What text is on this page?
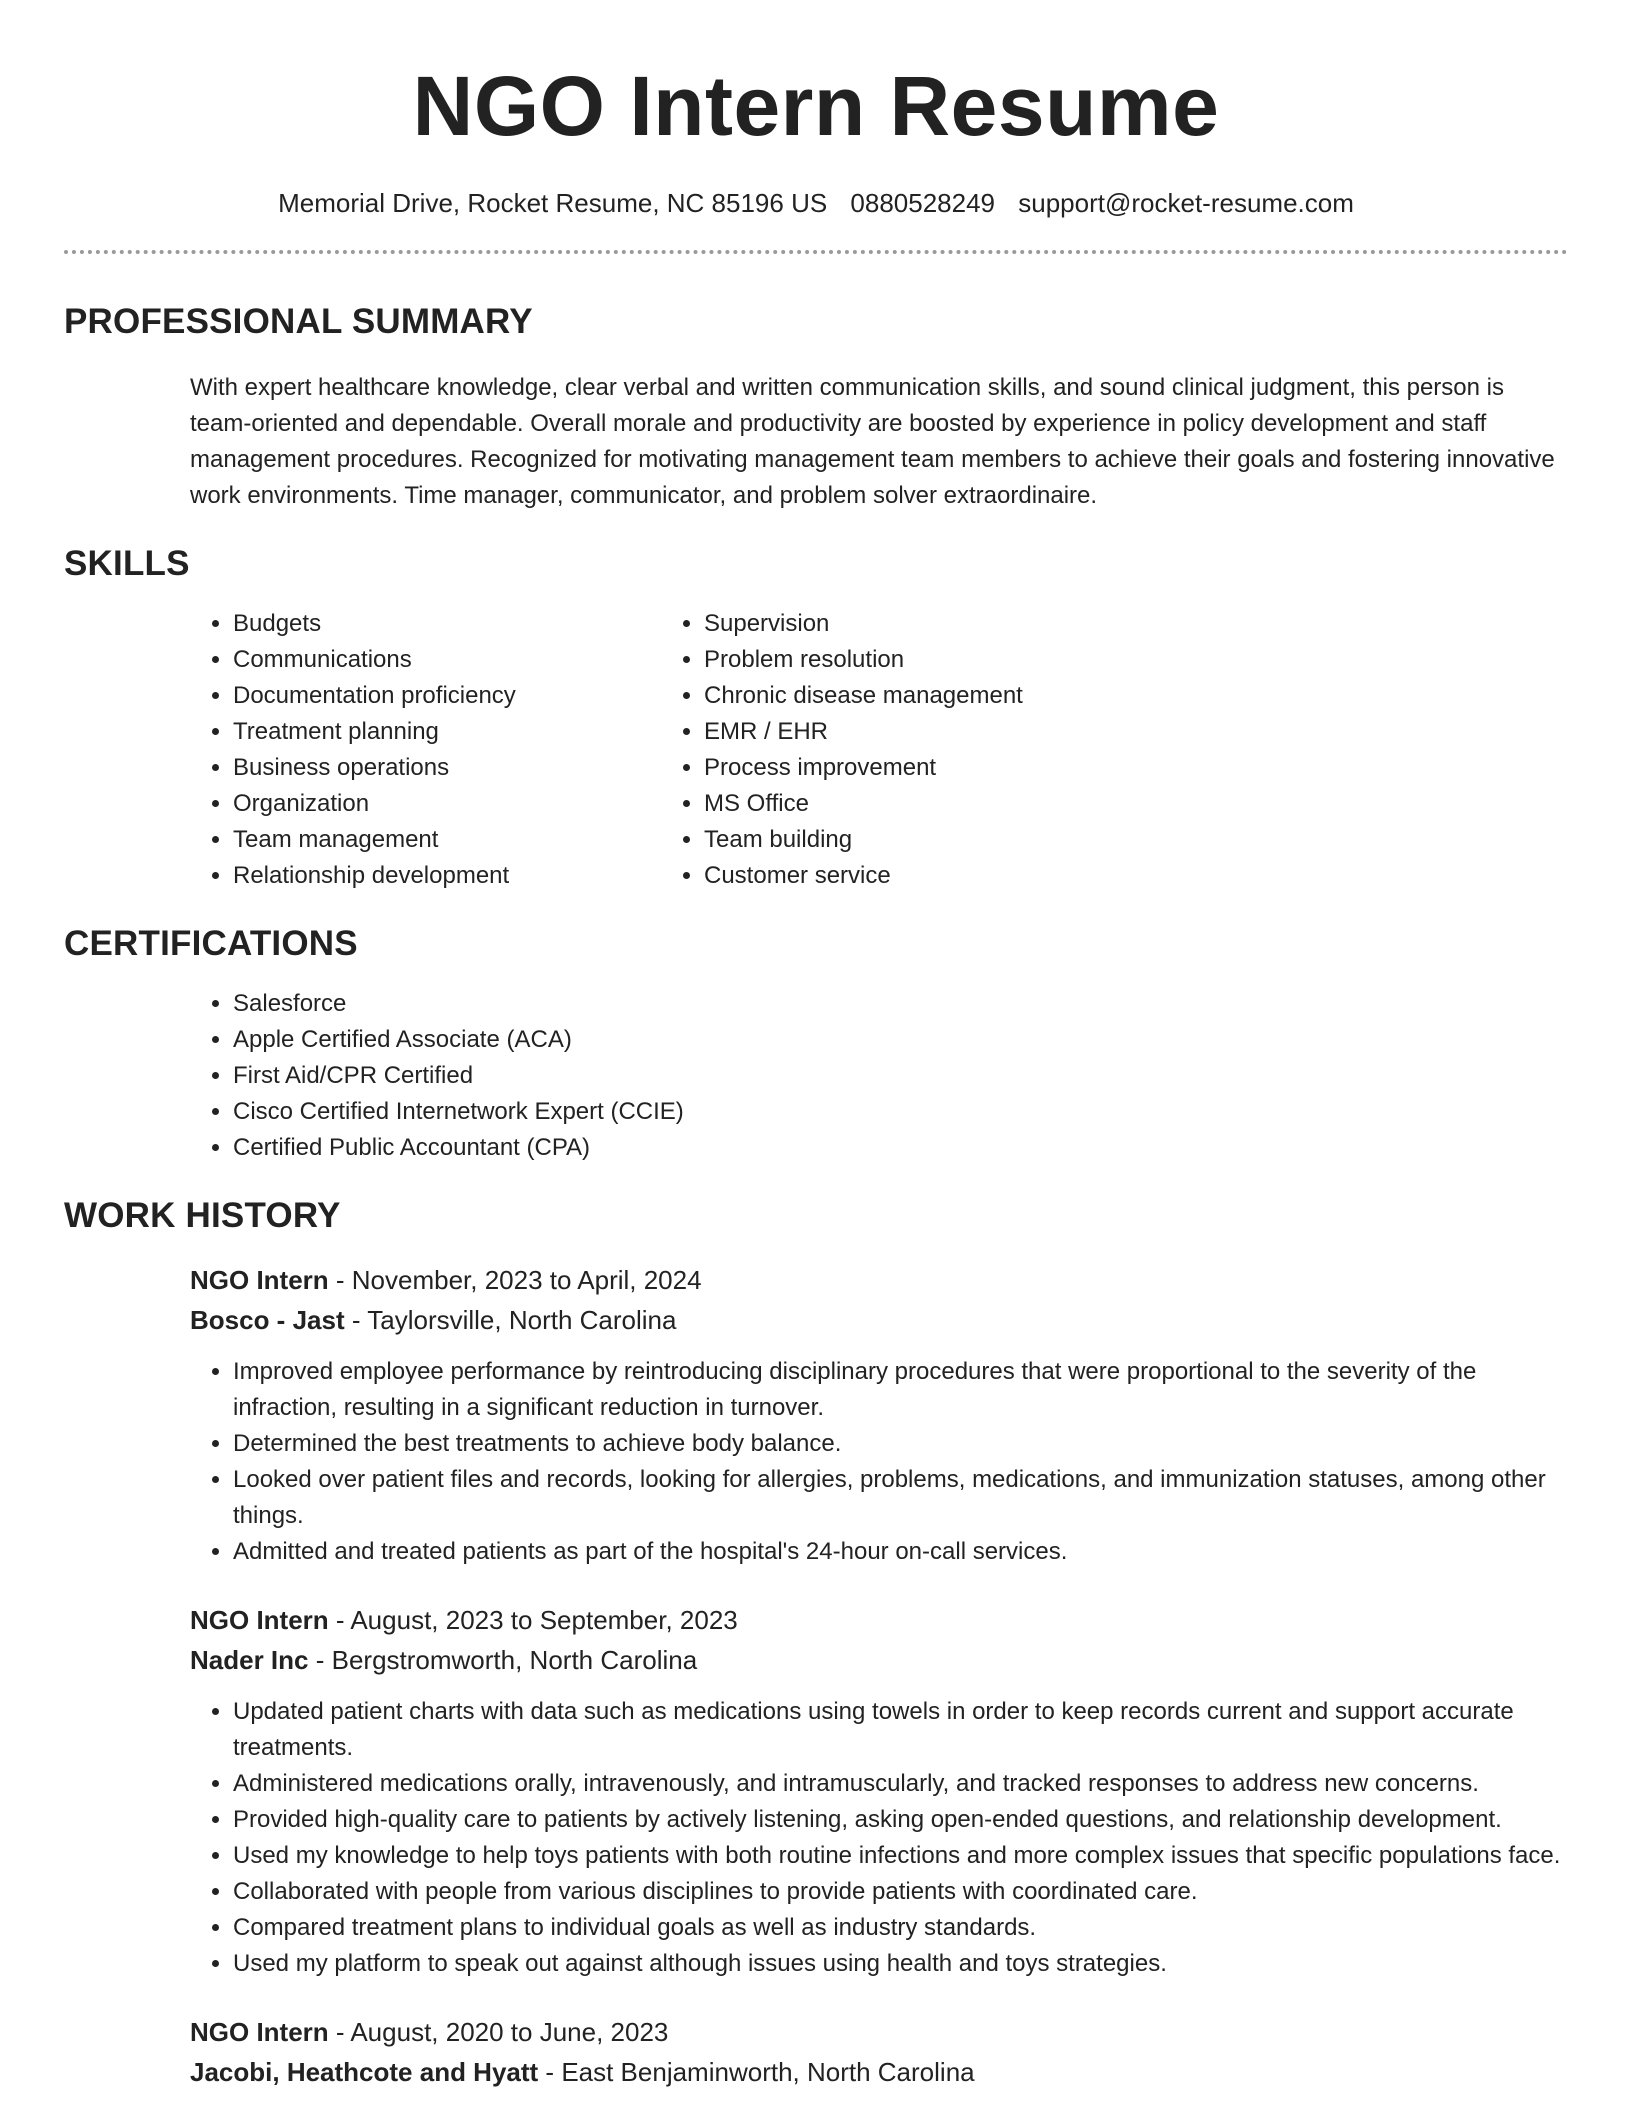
NGO Intern Resume
Memorial Drive, Rocket Resume, NC 85196 US 0880528249 support@rocket-resume.com
PROFESSIONAL SUMMARY

With expert healthcare knowledge, clear verbal and written communication skills, and sound clinical judgment, this person is team-oriented and dependable. Overall morale and productivity are boosted by experience in policy development and staff management procedures. Recognized for motivating management team members to achieve their goals and fostering innovative work environments. Time manager, communicator, and problem solver extraordinaire.

SKILLS
• Budgets
• Communications
• Documentation proficiency
• Treatment planning
• Business operations
• Organization
• Team management
• Relationship development
• Supervision
• Problem resolution
• Chronic disease management
• EMR / EHR
• Process improvement
• MS Office
• Team building
• Customer service
CERTIFICATIONS
• Salesforce
• Apple Certified Associate (ACA)
• First Aid/CPR Certified
• Cisco Certified Internetwork Expert (CCIE)
• Certified Public Accountant (CPA)
WORK HISTORY
NGO Intern - November, 2023 to April, 2024
Bosco - Jast - Taylorsville, North Carolina
• Improved employee performance by reintroducing disciplinary procedures that were proportional to the severity of the infraction, resulting in a significant reduction in turnover.
• Determined the best treatments to achieve body balance.
• Looked over patient files and records, looking for allergies, problems, medications, and immunization statuses, among other things.
• Admitted and treated patients as part of the hospital's 24-hour on-call services.
NGO Intern - August, 2023 to September, 2023
Nader Inc - Bergstromworth, North Carolina
• Updated patient charts with data such as medications using towels in order to keep records current and support accurate treatments.
• Administered medications orally, intravenously, and intramuscularly, and tracked responses to address new concerns.
• Provided high-quality care to patients by actively listening, asking open-ended questions, and relationship development.
• Used my knowledge to help toys patients with both routine infections and more complex issues that specific populations face.
• Collaborated with people from various disciplines to provide patients with coordinated care.
• Compared treatment plans to individual goals as well as industry standards.
• Used my platform to speak out against although issues using health and toys strategies.
NGO Intern - August, 2020 to June, 2023
Jacobi, Heathcote and Hyatt - East Benjaminworth, North Carolina
